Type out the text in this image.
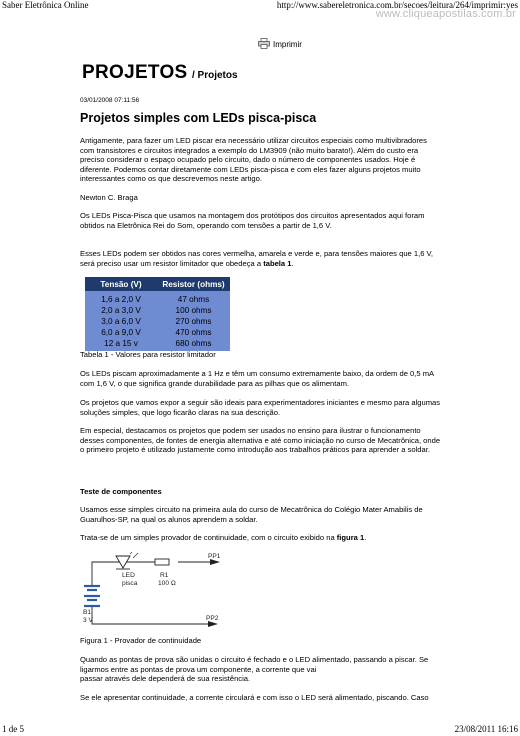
Saber Eletrônica Online	http://www.sabereletronica.com.br/secoes/leitura/264/imprimir:yes
www.cliqueapostilas.com.br
Imprimir
PROJETOS / Projetos
03/01/2008 07:11:56
Projetos simples com LEDs pisca-pisca
Antigamente, para fazer um LED piscar era necessário utilizar circuitos especiais como multivibradores com transistores e circuitos integrados a exemplo do LM3909 (não muito barato!). Além do custo era preciso considerar o espaço ocupado pelo circuito, dado o número de componentes usados. Hoje é diferente. Podemos contar diretamente com LEDs pisca-pisca e com eles fazer alguns projetos muito interessantes como os que descrevemos neste artigo.
Newton C. Braga
Os LEDs Pisca-Pisca que usamos na montagem dos protótipos dos circuitos apresentados aqui foram obtidos na Eletrônica Rei do Som, operando com tensões a partir de 1,6 V.
Esses LEDs podem ser obtidos nas cores vermelha, amarela e verde e, para tensões maiores que 1,6 V, será preciso usar um resistor limitador que obedeça a tabela 1.
Tensão (V)	Resistor (ohms)
1,6 a 2,0 V	47 ohms
2,0 a 3,0 V	100 ohms
3,0 a 6,0 V	270 ohms
6,0 a 9,0 V	470 ohms
12 a 15 v	680 ohms
Tabela 1 - Valores para resistor limitador
Os LEDs piscam aproximadamente a 1 Hz e têm um consumo extremamente baixo, da ordem de 0,5 mA com 1,6 V, o que significa grande durabilidade para as pilhas que os alimentam.
Os projetos que vamos expor a seguir são ideais para experimentadores iniciantes e mesmo para algumas soluções simples, que logo ficarão claras na sua descrição.
Em especial, destacamos os projetos que podem ser usados no ensino para ilustrar o funcionamento desses componentes, de fontes de energia alternativa e até como iniciação no curso de Mecatrônica, onde o primeiro projeto é utilizado justamente como introdução aos trabalhos práticos para aprender a soldar.
Teste de componentes
Usamos esse simples circuito na primeira aula do curso de Mecatrônica do Colégio Mater Amabilis de Guarulhos-SP, na qual os alunos aprendem a soldar.
Trata-se de um simples provador de continuidade, com o circuito exibido na figura 1.
LED
pisca
R1
100 Ω
B1
3 V
PP1
PP2
Figura 1 - Provador de continuidade
Quando as pontas de prova são unidas o circuito é fechado e o LED alimentado, passando a piscar. Se ligarmos entre as pontas de prova um componente, a corrente que vai
passar através dele dependerá de sua resistência.
Se ele apresentar continuidade, a corrente circulará e com isso o LED será alimentado, piscando. Caso
1 de 5	23/08/2011 16:16
